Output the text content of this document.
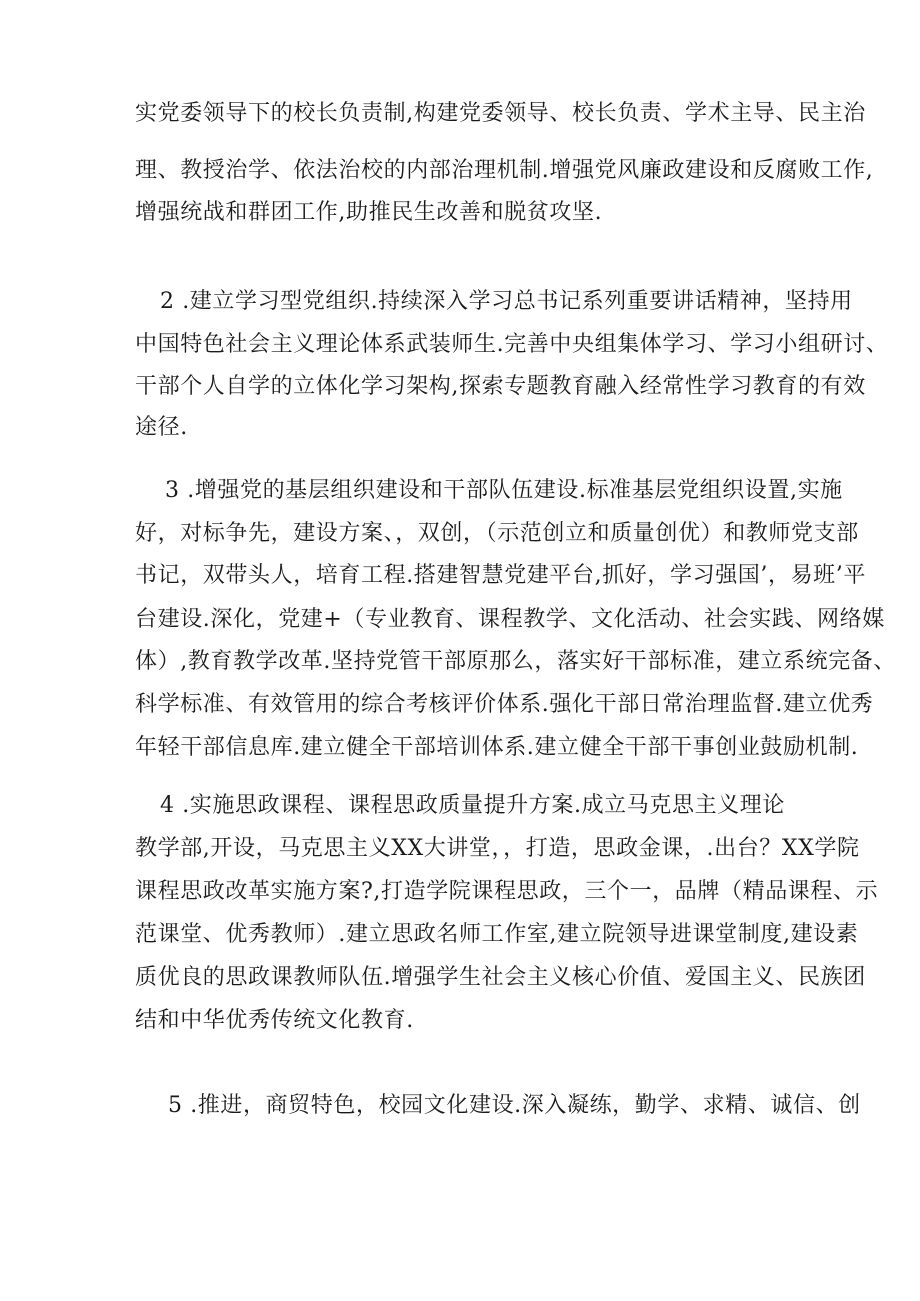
实党委领导下的校长负责制,构建党委领导、校长负责、学术主导、民主治
理、教授治学、依法治校的内部治理机制.增强党风廉政建设和反腐败工作,
增强统战和群团工作,助推民生改善和脱贫攻坚.
2 .建立学习型党组织.持续深入学习总书记系列重要讲话精神，坚持用
中国特色社会主义理论体系武装师生.完善中央组集体学习、学习小组研讨、
干部个人自学的立体化学习架构,探索专题教育融入经常性学习教育的有效
途径.
3 .增强党的基层组织建设和干部队伍建设.标准基层党组织设置,实施
好，对标争先，建设方案、，双创，（示范创立和质量创优）和教师党支部
书记，双带头人，培育工程.搭建智慧党建平台,抓好，学习强国’，易班’平
台建设.深化，党建+（专业教育、课程教学、文化活动、社会实践、网络媒
体）,教育教学改革.坚持党管干部原那么，落实好干部标准，建立系统完备、
科学标准、有效管用的综合考核评价体系.强化干部日常治理监督.建立优秀
年轻干部信息库.建立健全干部培训体系.建立健全干部干事创业鼓励机制.
4 .实施思政课程、课程思政质量提升方案.成立马克思主义理论
教学部,开设，马克思主义XX大讲堂，，打造，思政金课，.出台？XX学院
课程思政改革实施方案?,打造学院课程思政，三个一，品牌（精品课程、示
范课堂、优秀教师）.建立思政名师工作室,建立院领导进课堂制度,建设素
质优良的思政课教师队伍.增强学生社会主义核心价值、爱国主义、民族团
结和中华优秀传统文化教育.
5 .推进，商贸特色，校园文化建设.深入凝练，勤学、求精、诚信、创
